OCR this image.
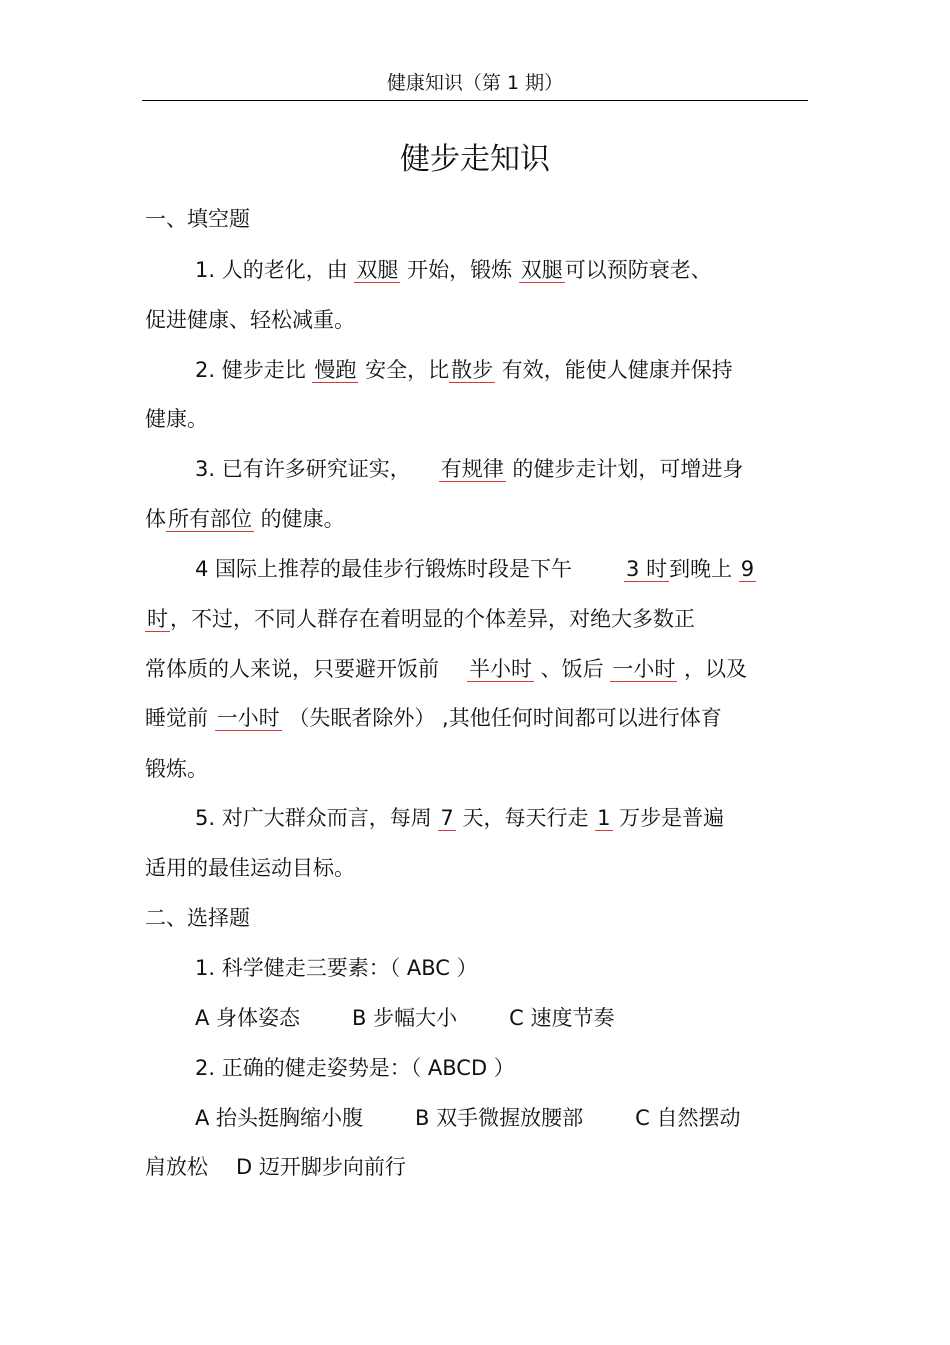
健康知识（第 1 期）
健步走知识
一、填空题
1. 人的老化，由 双腿 开始，锻炼 双腿可以预防衰老、
促进健康、轻松减重。
2. 健步走比 慢跑 安全，比散步 有效，能使人健康并保持
健康。
3. 已有许多研究证实， 有规律 的健步走计划，可增进身
体所有部位 的健康。
4 国际上推荐的最佳步行锻炼时段是下午	3 时到晚上 9
时，不过，不同人群存在着明显的个体差异，对绝大多数正
常体质的人来说，只要避开饭前 半小时 、饭后 一小时 ，以及
睡觉前 一小时 （失眠者除外） ,其他任何时间都可以进行体育
锻炼。
5. 对广大群众而言，每周 7 天，每天行走 1 万步是普遍
适用的最佳运动目标。
二、选择题
1. 科学健走三要素：（ ABC ）
A 身体姿态 B 步幅大小 C 速度节奏
2. 正确的健走姿势是：（ ABCD ）
A 抬头挺胸缩小腹 B 双手微握放腰部 C 自然摆动
肩放松 D 迈开脚步向前行
